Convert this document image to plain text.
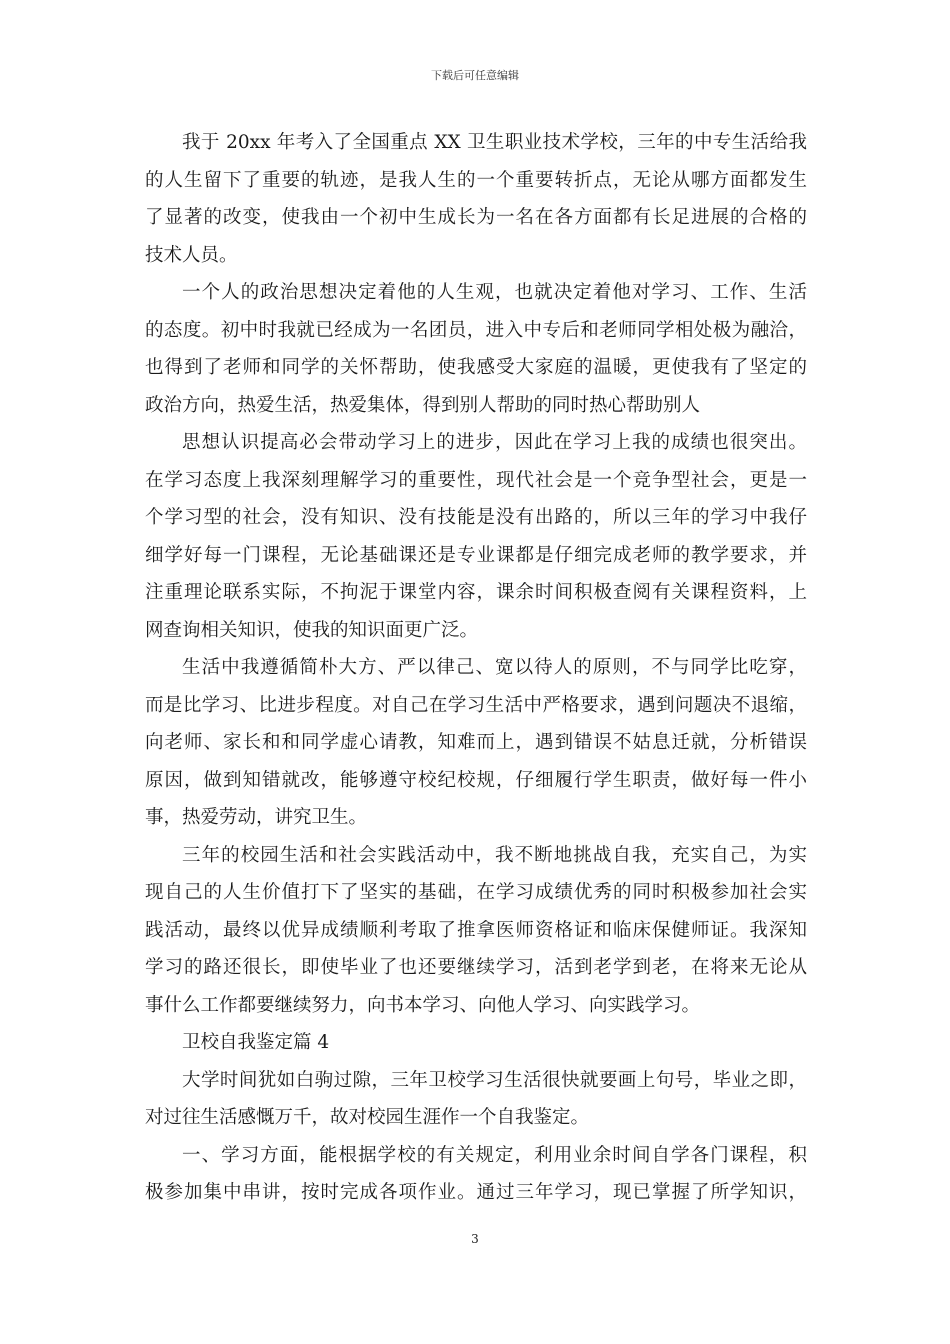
下载后可任意编辑
我于 20xx 年考入了全国重点 XX 卫生职业技术学校，三年的中专生活给我
的人生留下了重要的轨迹，是我人生的一个重要转折点，无论从哪方面都发生
了显著的改变，使我由一个初中生成长为一名在各方面都有长足进展的合格的
技术人员。
一个人的政治思想决定着他的人生观，也就决定着他对学习、工作、生活
的态度。初中时我就已经成为一名团员，进入中专后和老师同学相处极为融洽，
也得到了老师和同学的关怀帮助，使我感受大家庭的温暖，更使我有了坚定的
政治方向，热爱生活，热爱集体，得到别人帮助的同时热心帮助别人
思想认识提高必会带动学习上的进步，因此在学习上我的成绩也很突出。
在学习态度上我深刻理解学习的重要性，现代社会是一个竞争型社会，更是一
个学习型的社会，没有知识、没有技能是没有出路的，所以三年的学习中我仔
细学好每一门课程，无论基础课还是专业课都是仔细完成老师的教学要求，并
注重理论联系实际，不拘泥于课堂内容，课余时间积极查阅有关课程资料，上
网查询相关知识，使我的知识面更广泛。
生活中我遵循简朴大方、严以律己、宽以待人的原则，不与同学比吃穿，
而是比学习、比进步程度。对自己在学习生活中严格要求，遇到问题决不退缩，
向老师、家长和和同学虚心请教，知难而上，遇到错误不姑息迁就，分析错误
原因，做到知错就改，能够遵守校纪校规，仔细履行学生职责，做好每一件小
事，热爱劳动，讲究卫生。
三年的校园生活和社会实践活动中，我不断地挑战自我，充实自己，为实
现自己的人生价值打下了坚实的基础，在学习成绩优秀的同时积极参加社会实
践活动，最终以优异成绩顺利考取了推拿医师资格证和临床保健师证。我深知
学习的路还很长，即使毕业了也还要继续学习，活到老学到老，在将来无论从
事什么工作都要继续努力，向书本学习、向他人学习、向实践学习。
卫校自我鉴定篇 4
大学时间犹如白驹过隙，三年卫校学习生活很快就要画上句号，毕业之即，
对过往生活感慨万千，故对校园生涯作一个自我鉴定。
一、学习方面，能根据学校的有关规定，利用业余时间自学各门课程，积
极参加集中串讲，按时完成各项作业。通过三年学习，现已掌握了所学知识，
3
